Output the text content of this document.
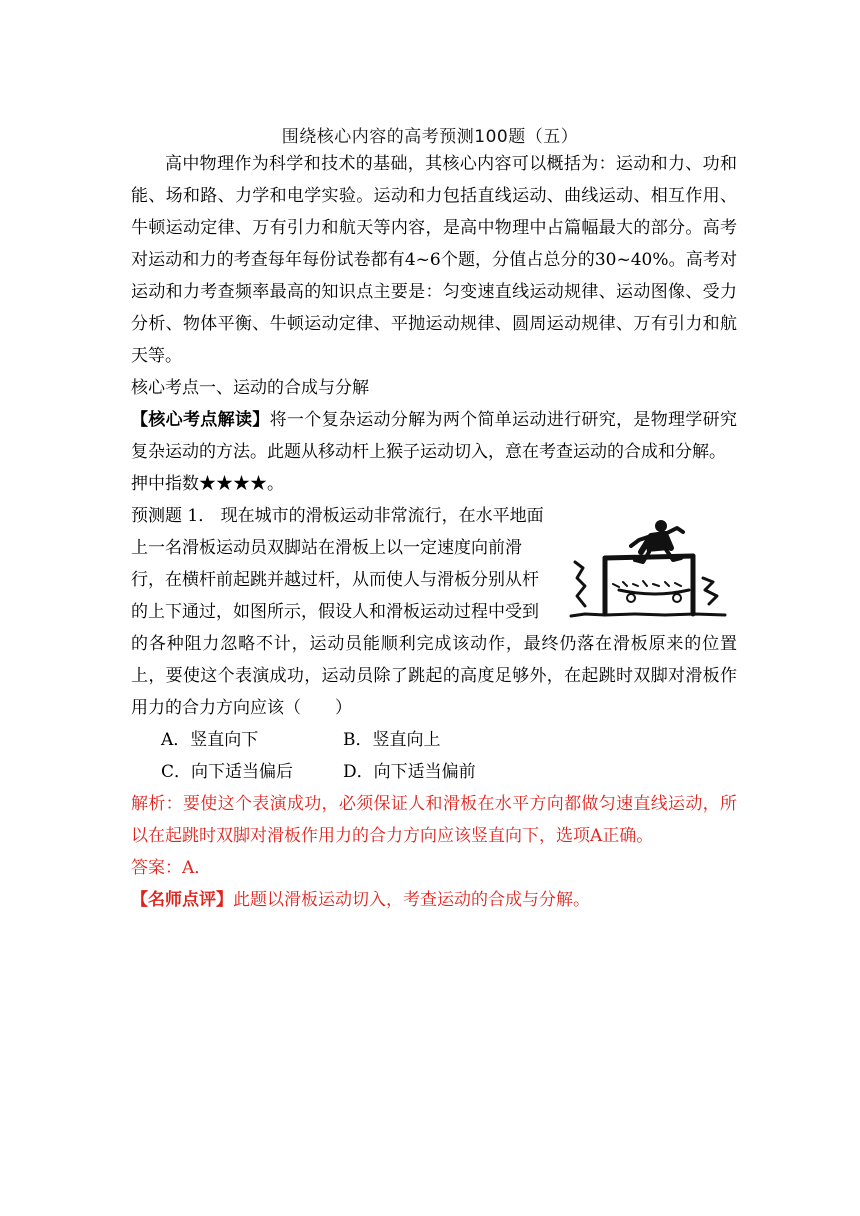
围绕核心内容的高考预测100题（五）

高中物理作为科学和技术的基础，其核心内容可以概括为：运动和力、功和能、场和路、力学和电学实验。运动和力包括直线运动、曲线运动、相互作用、牛顿运动定律、万有引力和航天等内容，是高中物理中占篇幅最大的部分。高考对运动和力的考查每年每份试卷都有4~6个题，分值占总分的30~40%。高考对运动和力考查频率最高的知识点主要是：匀变速直线运动规律、运动图像、受力分析、物体平衡、牛顿运动定律、平抛运动规律、圆周运动规律、万有引力和航天等。

核心考点一、运动的合成与分解

【核心考点解读】将一个复杂运动分解为两个简单运动进行研究，是物理学研究复杂运动的方法。此题从移动杆上猴子运动切入，意在考查运动的合成和分解。

押中指数★★★★。

预测题 1． 现在城市的滑板运动非常流行，在水平地面

上一名滑板运动员双脚站在滑板上以一定速度向前滑

行，在横杆前起跳并越过杆，从而使人与滑板分别从杆

的上下通过，如图所示，假设人和滑板运动过程中受到

的各种阻力忽略不计，运动员能顺利完成该动作，最终仍落在滑板原来的位置上，要使这个表演成功，运动员除了跳起的高度足够外，在起跳时双脚对滑板作用力的合力方向应该（　　）

A．竖直向下	B．竖直向上
C．向下适当偏后	D．向下适当偏前

解析：要使这个表演成功，必须保证人和滑板在水平方向都做匀速直线运动，所以在起跳时双脚对滑板作用力的合力方向应该竖直向下，选项A正确。

答案：A．

【名师点评】此题以滑板运动切入，考查运动的合成与分解。
